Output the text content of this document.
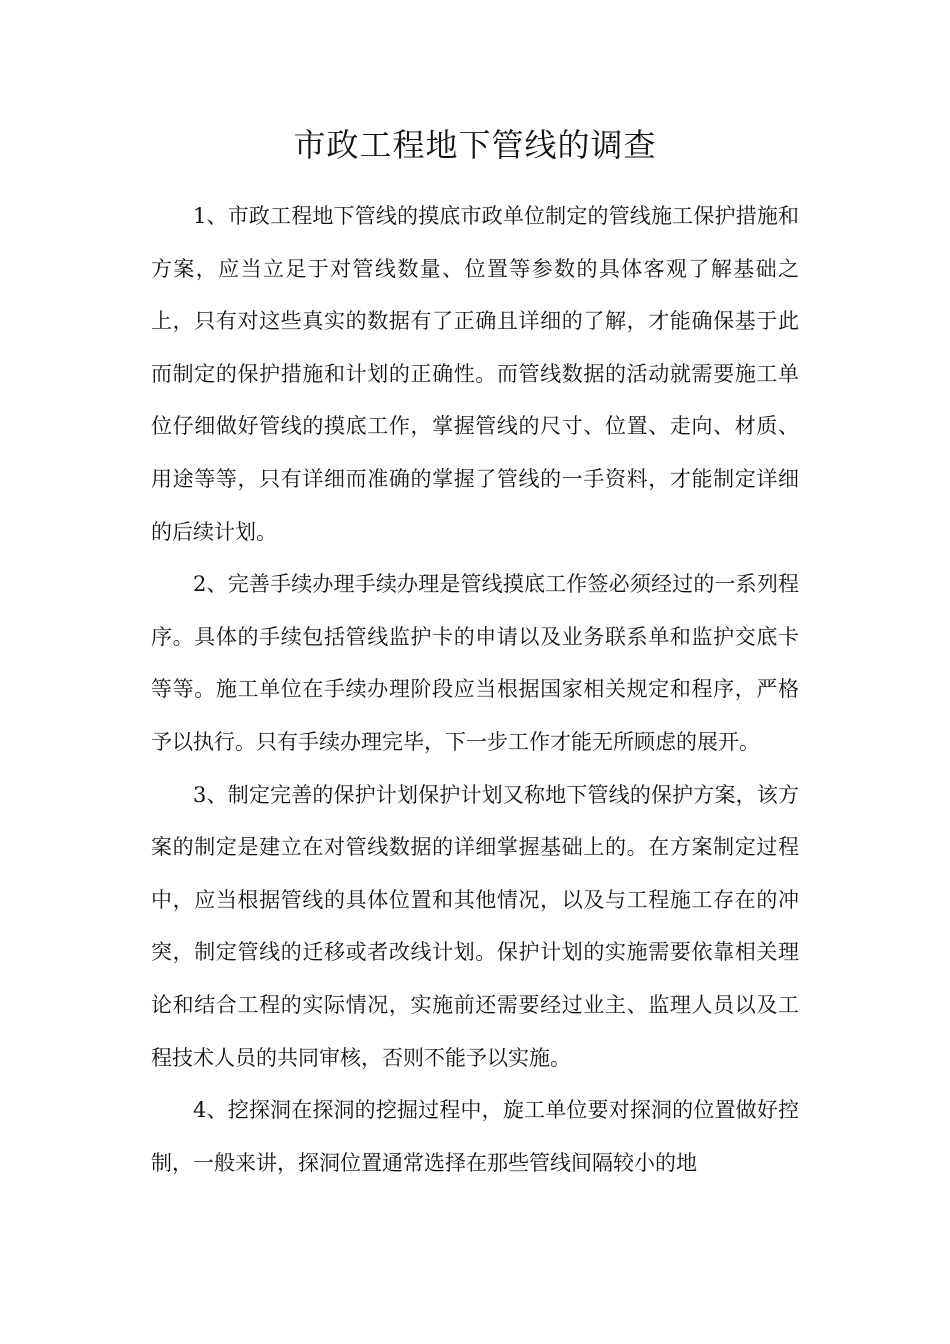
市政工程地下管线的调查

1、市政工程地下管线的摸底市政单位制定的管线施工保护措施和方案，应当立足于对管线数量、位置等参数的具体客观了解基础之上，只有对这些真实的数据有了正确且详细的了解，才能确保基于此而制定的保护措施和计划的正确性。而管线数据的活动就需要施工单位仔细做好管线的摸底工作，掌握管线的尺寸、位置、走向、材质、用途等等，只有详细而准确的掌握了管线的一手资料，才能制定详细的后续计划。

2、完善手续办理手续办理是管线摸底工作签必须经过的一系列程序。具体的手续包括管线监护卡的申请以及业务联系单和监护交底卡等等。施工单位在手续办理阶段应当根据国家相关规定和程序，严格予以执行。只有手续办理完毕，下一步工作才能无所顾虑的展开。

3、制定完善的保护计划保护计划又称地下管线的保护方案，该方案的制定是建立在对管线数据的详细掌握基础上的。在方案制定过程中，应当根据管线的具体位置和其他情况，以及与工程施工存在的冲突，制定管线的迁移或者改线计划。保护计划的实施需要依靠相关理论和结合工程的实际情况，实施前还需要经过业主、监理人员以及工程技术人员的共同审核，否则不能予以实施。

4、挖探洞在探洞的挖掘过程中，旋工单位要对探洞的位置做好控制，一般来讲，探洞位置通常选择在那些管线间隔较小的地
